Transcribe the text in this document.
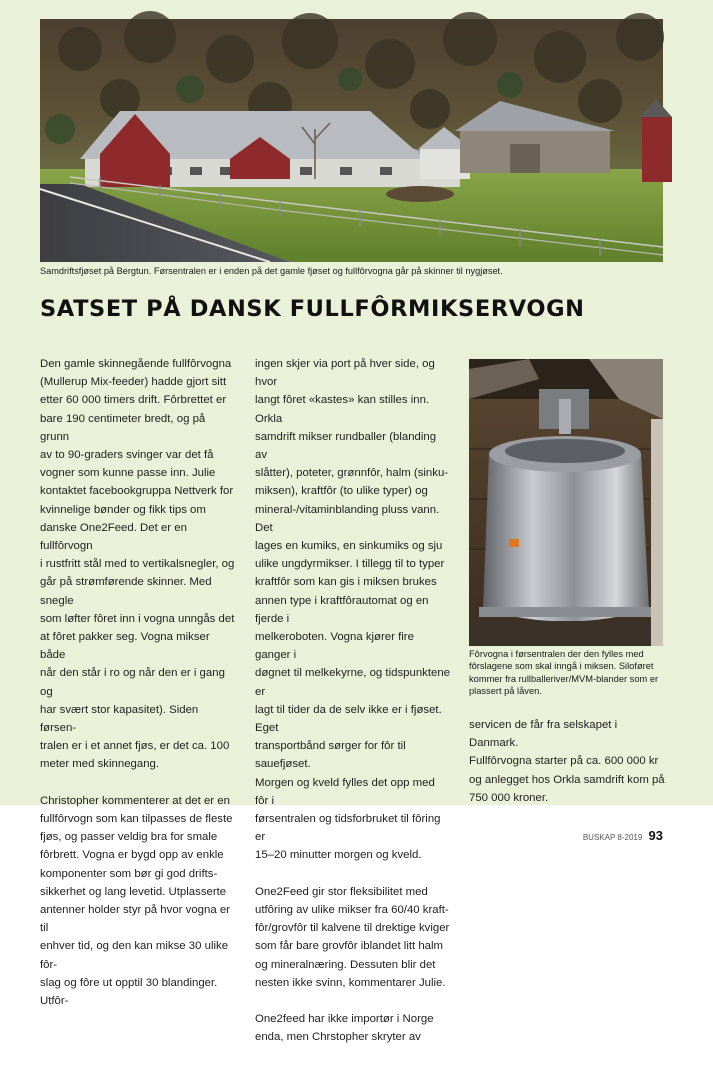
Samdriftsfjøset på Bergtun. Førsentralen er i enden på det gamle fjøset og fullfôrvogna går på skinner til nygjøset.
SATSET PÅ DANSK FULLFÔRMIKSERVOGN

Den gamle skinnegående fullfôrvogna
(Mullerup Mix-feeder) hadde gjort sitt
etter 60 000 timers drift. Fôrbrettet er
bare 190 centimeter bredt, og på grunn
av to 90-graders svinger var det få
vogner som kunne passe inn. Julie
kontaktet facebookgruppa Nettverk for
kvinnelige bønder og fikk tips om
danske One2Feed. Det er en fullfôrvogn
i rustfritt stål med to vertikalsnegler, og
går på strømførende skinner. Med snegle
som løfter fôret inn i vogna unngås det
at fôret pakker seg. Vogna mikser både
når den står i ro og når den er i gang og
har svært stor kapasitet). Siden førsen-
tralen er i et annet fjøs, er det ca. 100
meter med skinnegang.

Christopher kommenterer at det er en
fullfôrvogn som kan tilpasses de fleste
fjøs, og passer veldig bra for smale
fôrbrett. Vogna er bygd opp av enkle
komponenter som bør gi god drifts-
sikkerhet og lang levetid. Utplasserte
antenner holder styr på hvor vogna er til
enhver tid, og den kan mikse 30 ulike fôr-
slag og fôre ut opptil 30 blandinger. Utfôr-

ingen skjer via port på hver side, og hvor
langt fôret «kastes» kan stilles inn. Orkla
samdrift mikser rundballer (blanding av
slåtter), poteter, grønnfôr, halm (sinku-
miksen), kraftfôr (to ulike typer) og
mineral-/vitaminblanding pluss vann. Det
lages en kumiks, en sinkumiks og sju
ulike ungdyrmikser. I tillegg til to typer
kraftfôr som kan gis i miksen brukes
annen type i kraftfôrautomat og en fjerde i
melkeroboten. Vogna kjører fire ganger i
døgnet til melkekyrne, og tidspunktene er
lagt til tider da de selv ikke er i fjøset. Eget
transportbånd sørger for fôr til sauefjøset.
Morgen og kveld fylles det opp med fôr i
førsentralen og tidsforbruket til fôring er
15–20 minutter morgen og kveld.

One2Feed gir stor fleksibilitet med
utfôring av ulike mikser fra 60/40 kraft-
fôr/grovfôr til kalvene til drektige kviger
som får bare grovfôr iblandet litt halm
og mineralnæring. Dessuten blir det
nesten ikke svinn, kommentarer Julie.

One2feed har ikke importør i Norge
enda, men Chrstopher skryter av

Fôrvogna i førsentralen der den fylles med fôrslagene som skal inngå i miksen. Siloføret kommer fra rullballeriver/MVM-blander som er plassert på låven.

servicen de får fra selskapet i Danmark.
Fullfôrvogna starter på ca. 600 000 kr
og anlegget hos Orkla samdrift kom på
750 000 kroner.

BUSKAP 8-2019 93
